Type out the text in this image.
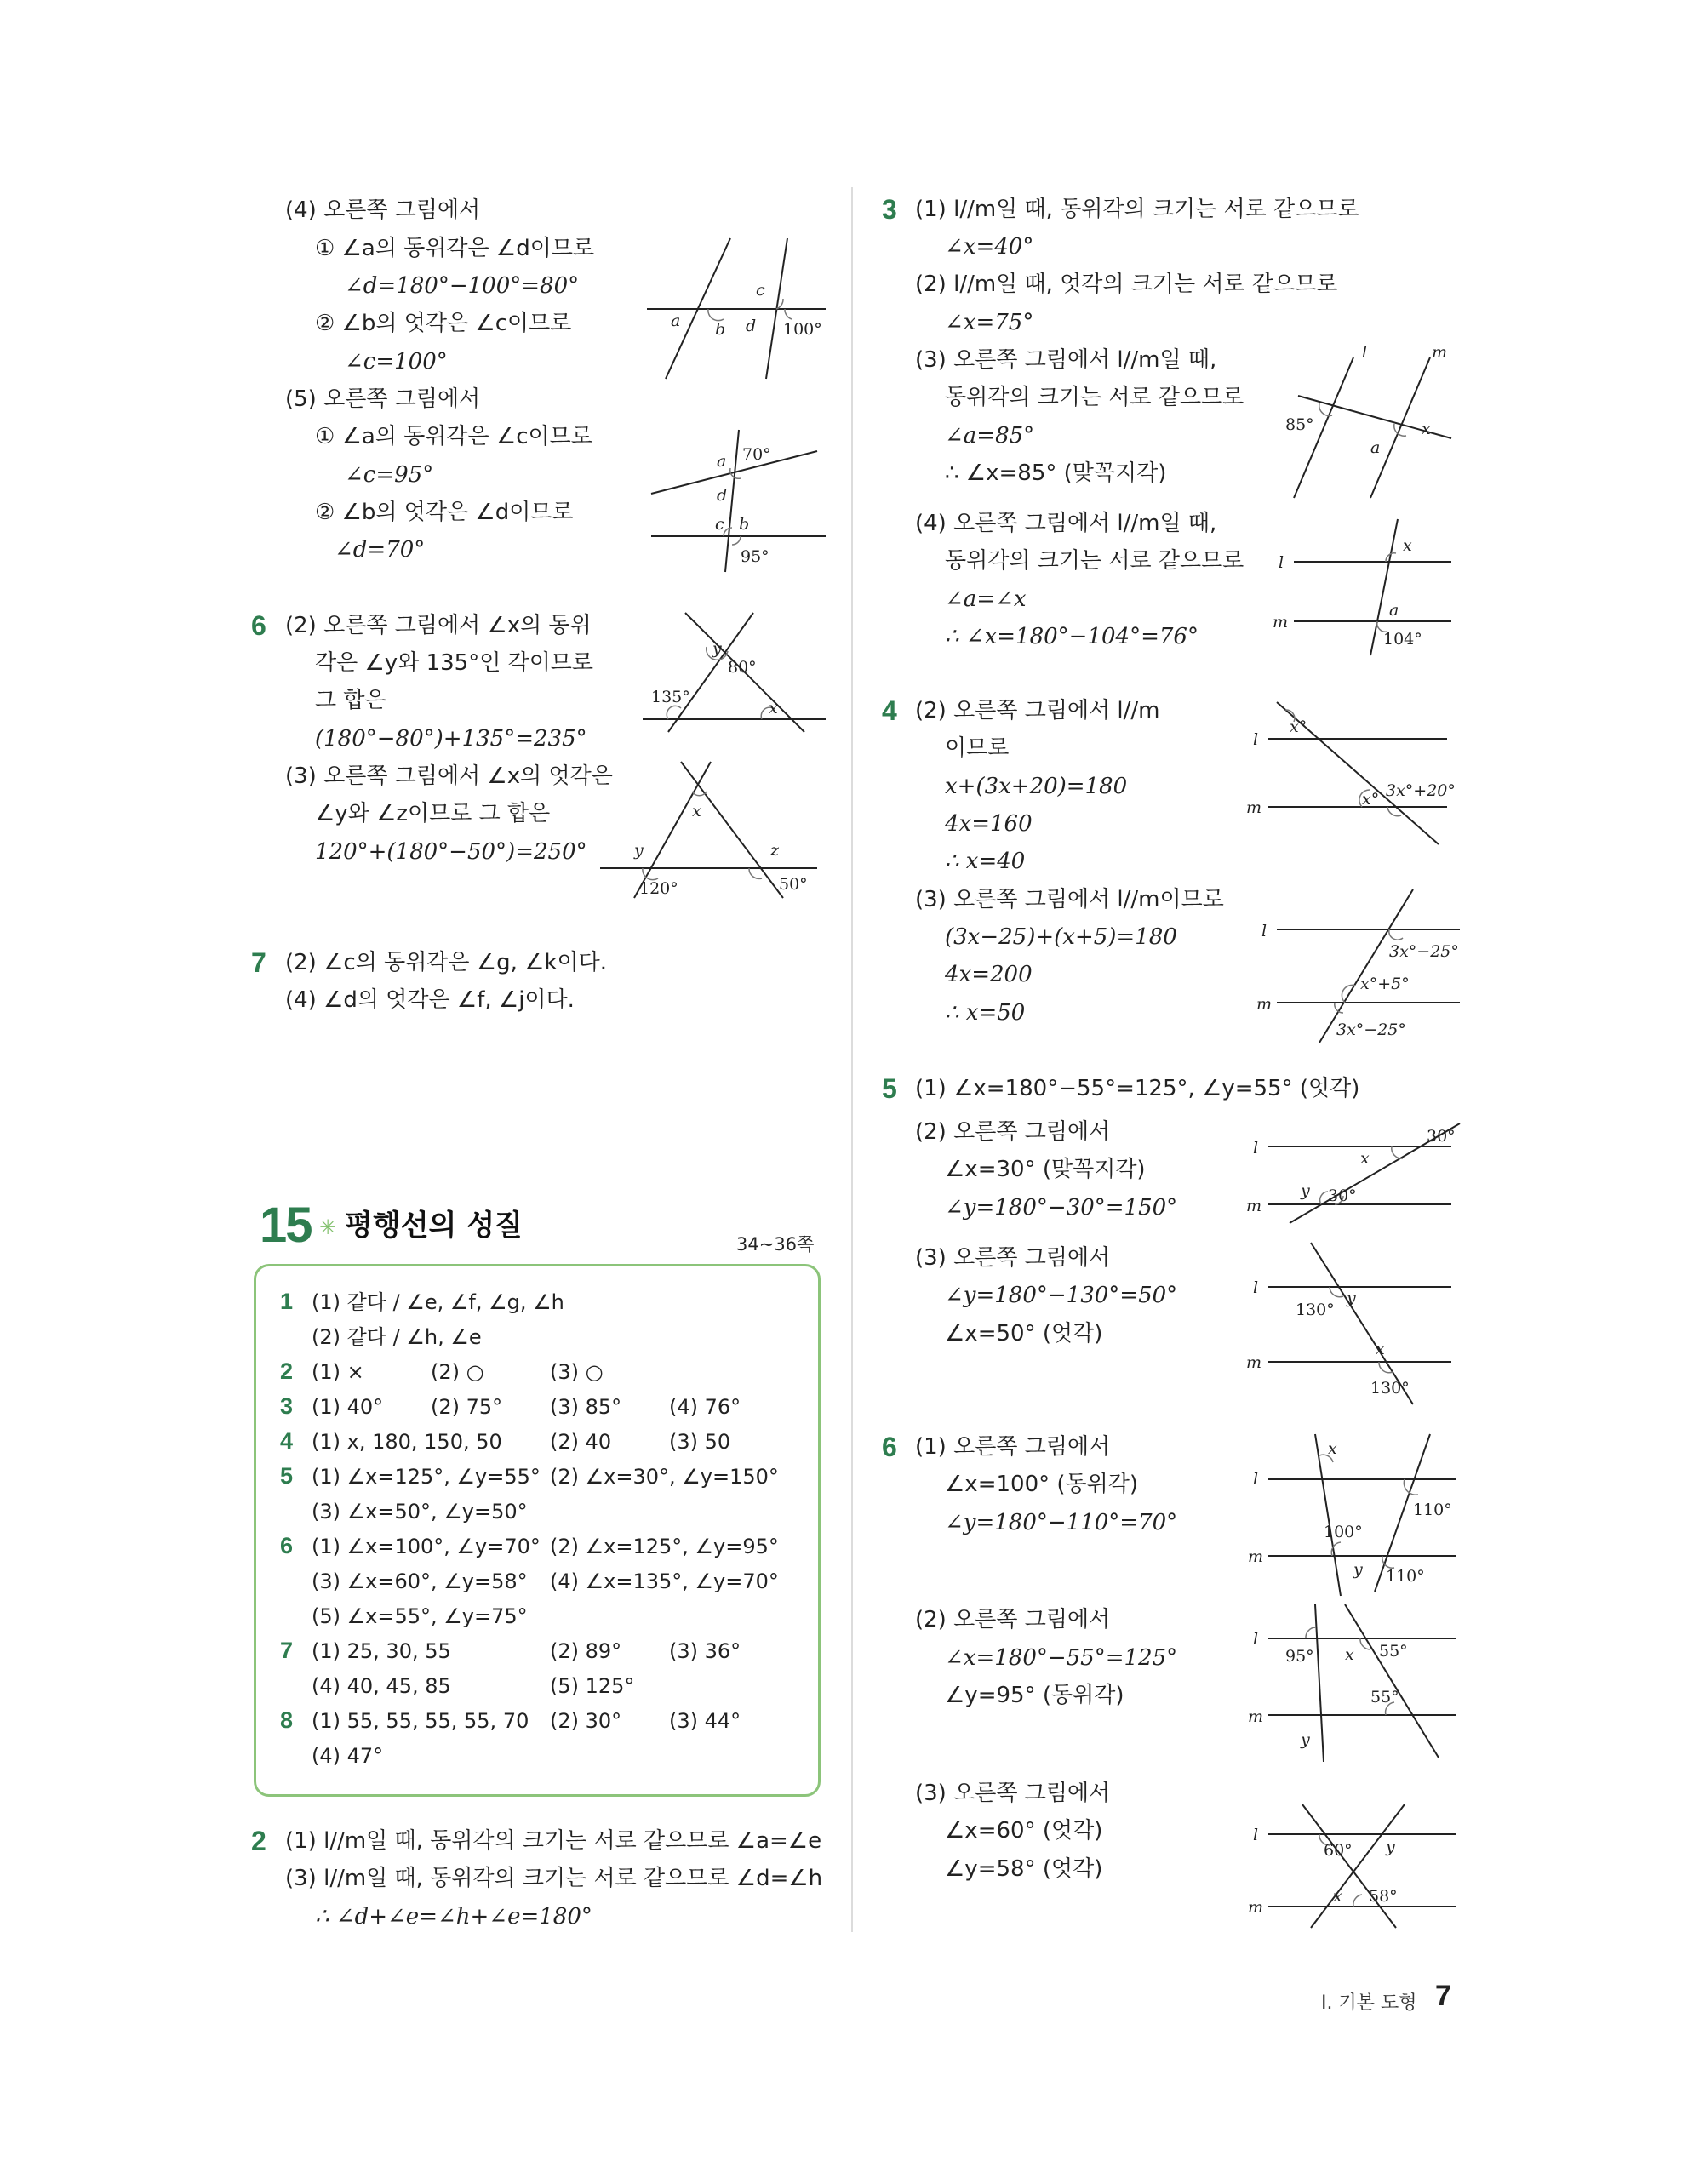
(4) 오른쪽 그림에서
① ∠a의 동위각은 ∠d이므로
∠d=180°−100°=80°
② ∠b의 엇각은 ∠c이므로
∠c=100°
(5) 오른쪽 그림에서
① ∠a의 동위각은 ∠c이므로
∠c=95°
② ∠b의 엇각은 ∠d이므로
∠d=70°
a b
c
d 100°
a 70°
d
c b
95°
6 (2) 오른쪽 그림에서 ∠x의 동위
각은 ∠y와 135°인 각이므로
그 합은
(180°−80°)+135°=235°
(3) 오른쪽 그림에서 ∠x의 엇각은
∠y와 ∠z이므로 그 합은
120°+(180°−50°)=250°
y
80°
135°
x
x
y	z
120°	50°
7 (2) ∠c의 동위각은 ∠g, ∠k이다.
(4) ∠d의 엇각은 ∠f, ∠j이다.
15 ✳ 평행선의 성질
34~36쪽
1 (1) 같다 / ∠e, ∠f, ∠g, ∠h
(2) 같다 / ∠h, ∠e
2 (1) ×	(2) ○	(3) ○
3 (1) 40° (2) 75° (3) 85° (4) 76°
4 (1) x, 180, 150, 50 (2) 40	(3) 50
5 (1) ∠x=125°, ∠y=55° (2) ∠x=30°, ∠y=150°
(3) ∠x=50°, ∠y=50°
6 (1) ∠x=100°, ∠y=70° (2) ∠x=125°, ∠y=95°
(3) ∠x=60°, ∠y=58° (4) ∠x=135°, ∠y=70°
(5) ∠x=55°, ∠y=75°
7 (1) 25, 30, 55	(2) 89° (3) 36°
(4) 40, 45, 85	(5) 125°
8 (1) 55, 55, 55, 55, 70 (2) 30° (3) 44°
(4) 47°
2 (1) l//m일 때, 동위각의 크기는 서로 같으므로 ∠a=∠e
(3) l//m일 때, 동위각의 크기는 서로 같으므로 ∠d=∠h
∴ ∠d+∠e=∠h+∠e=180°
3 (1) l//m일 때, 동위각의 크기는 서로 같으므로
∠x=40°
(2) l//m일 때, 엇각의 크기는 서로 같으므로
∠x=75°
(3) 오른쪽 그림에서 l//m일 때,
동위각의 크기는 서로 같으므로
∠a=85°
∴ ∠x=85° (맞꼭지각)
(4) 오른쪽 그림에서 l//m일 때,
동위각의 크기는 서로 같으므로
∠a=∠x
∴ ∠x=180°−104°=76°
l	m
85°
a
x
l
m
x
a
104°
4 (2) 오른쪽 그림에서 l//m
이므로
x+(3x+20)=180
4x=160
∴ x=40
(3) 오른쪽 그림에서 l//m이므로
(3x−25)+(x+5)=180
4x=200
∴ x=50
l
m
x°
x° 3x°+20°
l
m
3x°−25°
x°+5°
3x°−25°
5 (1) ∠x=180°−55°=125°, ∠y=55° (엇각)
(2) 오른쪽 그림에서
∠x=30° (맞꼭지각)
∠y=180°−30°=150°
(3) 오른쪽 그림에서
∠y=180°−130°=50°
∠x=50° (엇각)
l
m
x
30°
y 30°
l
m
y
130°
x
130°
6 (1) 오른쪽 그림에서
∠x=100° (동위각)
∠y=180°−110°=70°
(2) 오른쪽 그림에서
∠x=180°−55°=125°
∠y=95° (동위각)
(3) 오른쪽 그림에서
∠x=60° (엇각)
∠y=58° (엇각)
l
m
x
100°
110°
y 110°
l
m
95° x 55°
55°
y
l
m
60° y
x 58°
I. 기본 도형 7
